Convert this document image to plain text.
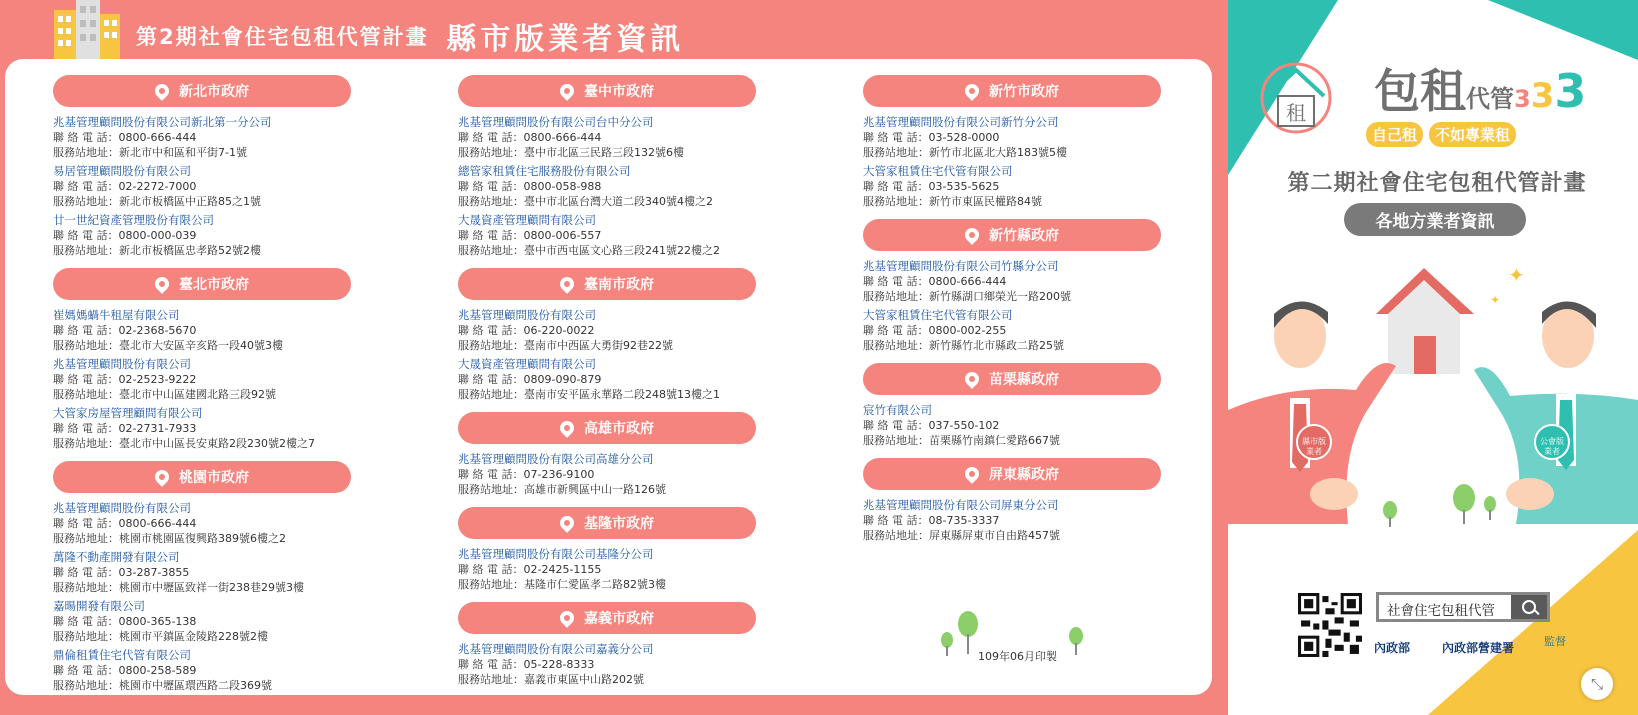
第2期社會住宅包租代管計畫 縣市版業者資訊
新北市政府
兆基管理顧問股份有限公司新北第一分公司
聯 絡 電 話：0800-666-444
服務站地址：新北市中和區和平街7-1號
易居管理顧問股份有限公司
聯 絡 電 話：02-2272-7000
服務站地址：新北市板橋區中正路85之1號
廿一世紀資產管理股份有限公司
聯 絡 電 話：0800-000-039
服務站地址：新北市板橋區忠孝路52號2樓
臺北市政府
崔媽媽蝸牛租屋有限公司
聯 絡 電 話：02-2368-5670
服務站地址：臺北市大安區辛亥路一段40號3樓
兆基管理顧問股份有限公司
聯 絡 電 話：02-2523-9222
服務站地址：臺北市中山區建國北路三段92號
大管家房屋管理顧問有限公司
聯 絡 電 話：02-2731-7933
服務站地址：臺北市中山區長安東路2段230號2樓之7
桃園市政府
兆基管理顧問股份有限公司
聯 絡 電 話：0800-666-444
服務站地址：桃園市桃園區復興路389號6樓之2
萬隆不動產開發有限公司
聯 絡 電 話：03-287-3855
服務站地址：桃園市中壢區致祥一街238巷29號3樓
嘉暘開發有限公司
聯 絡 電 話：0800-365-138
服務站地址：桃園市平鎮區金陵路228號2樓
鼎倫租賃住宅代管有限公司
聯 絡 電 話：0800-258-589
服務站地址：桃園市中壢區環西路二段369號
臺中市政府
兆基管理顧問股份有限公司台中分公司
聯 絡 電 話：0800-666-444
服務站地址：臺中市北區三民路三段132號6樓
總管家租賃住宅服務股份有限公司
聯 絡 電 話：0800-058-988
服務站地址：臺中市北區台灣大道二段340號4樓之2
大晟資產管理顧問有限公司
聯 絡 電 話：0800-006-557
服務站地址：臺中市西屯區文心路三段241號22樓之2
臺南市政府
兆基管理顧問股份有限公司
聯 絡 電 話：06-220-0022
服務站地址：臺南市中西區大勇街92巷22號
大晟資產管理顧問有限公司
聯 絡 電 話：0809-090-879
服務站地址：臺南市安平區永華路二段248號13樓之1
高雄市政府
兆基管理顧問股份有限公司高雄分公司
聯 絡 電 話：07-236-9100
服務站地址：高雄市新興區中山一路126號
基隆市政府
兆基管理顧問股份有限公司基隆分公司
聯 絡 電 話：02-2425-1155
服務站地址：基隆市仁愛區孝二路82號3樓
嘉義市政府
兆基管理顧問股份有限公司嘉義分公司
聯 絡 電 話：05-228-8333
服務站地址：嘉義市東區中山路202號
新竹市政府
兆基管理顧問股份有限公司新竹分公司
聯 絡 電 話：03-528-0000
服務站地址：新竹市北區北大路183號5樓
大管家租賃住宅代管有限公司
聯 絡 電 話：03-535-5625
服務站地址：新竹市東區民權路84號
新竹縣政府
兆基管理顧問股份有限公司竹縣分公司
聯 絡 電 話：0800-666-444
服務站地址：新竹縣湖口鄉榮光一路200號
大管家租賃住宅代管有限公司
聯 絡 電 話：0800-002-255
服務站地址：新竹縣竹北市縣政二路25號
苗栗縣政府
宸竹有限公司
聯 絡 電 話：037-550-102
服務站地址：苗栗縣竹南鎮仁愛路667號
屏東縣政府
兆基管理顧問股份有限公司屏東分公司
聯 絡 電 話：08-735-3337
服務站地址：屏東縣屏東市自由路457號
109年06月印製
租 包租代管333
自己租	不如專業租
第二期社會住宅包租代管計畫
各地方業者資訊
✦
✦
縣市版
業者
公會版
業者
社會住宅包租代管
內政部	內政部營建署	監督
⤡
